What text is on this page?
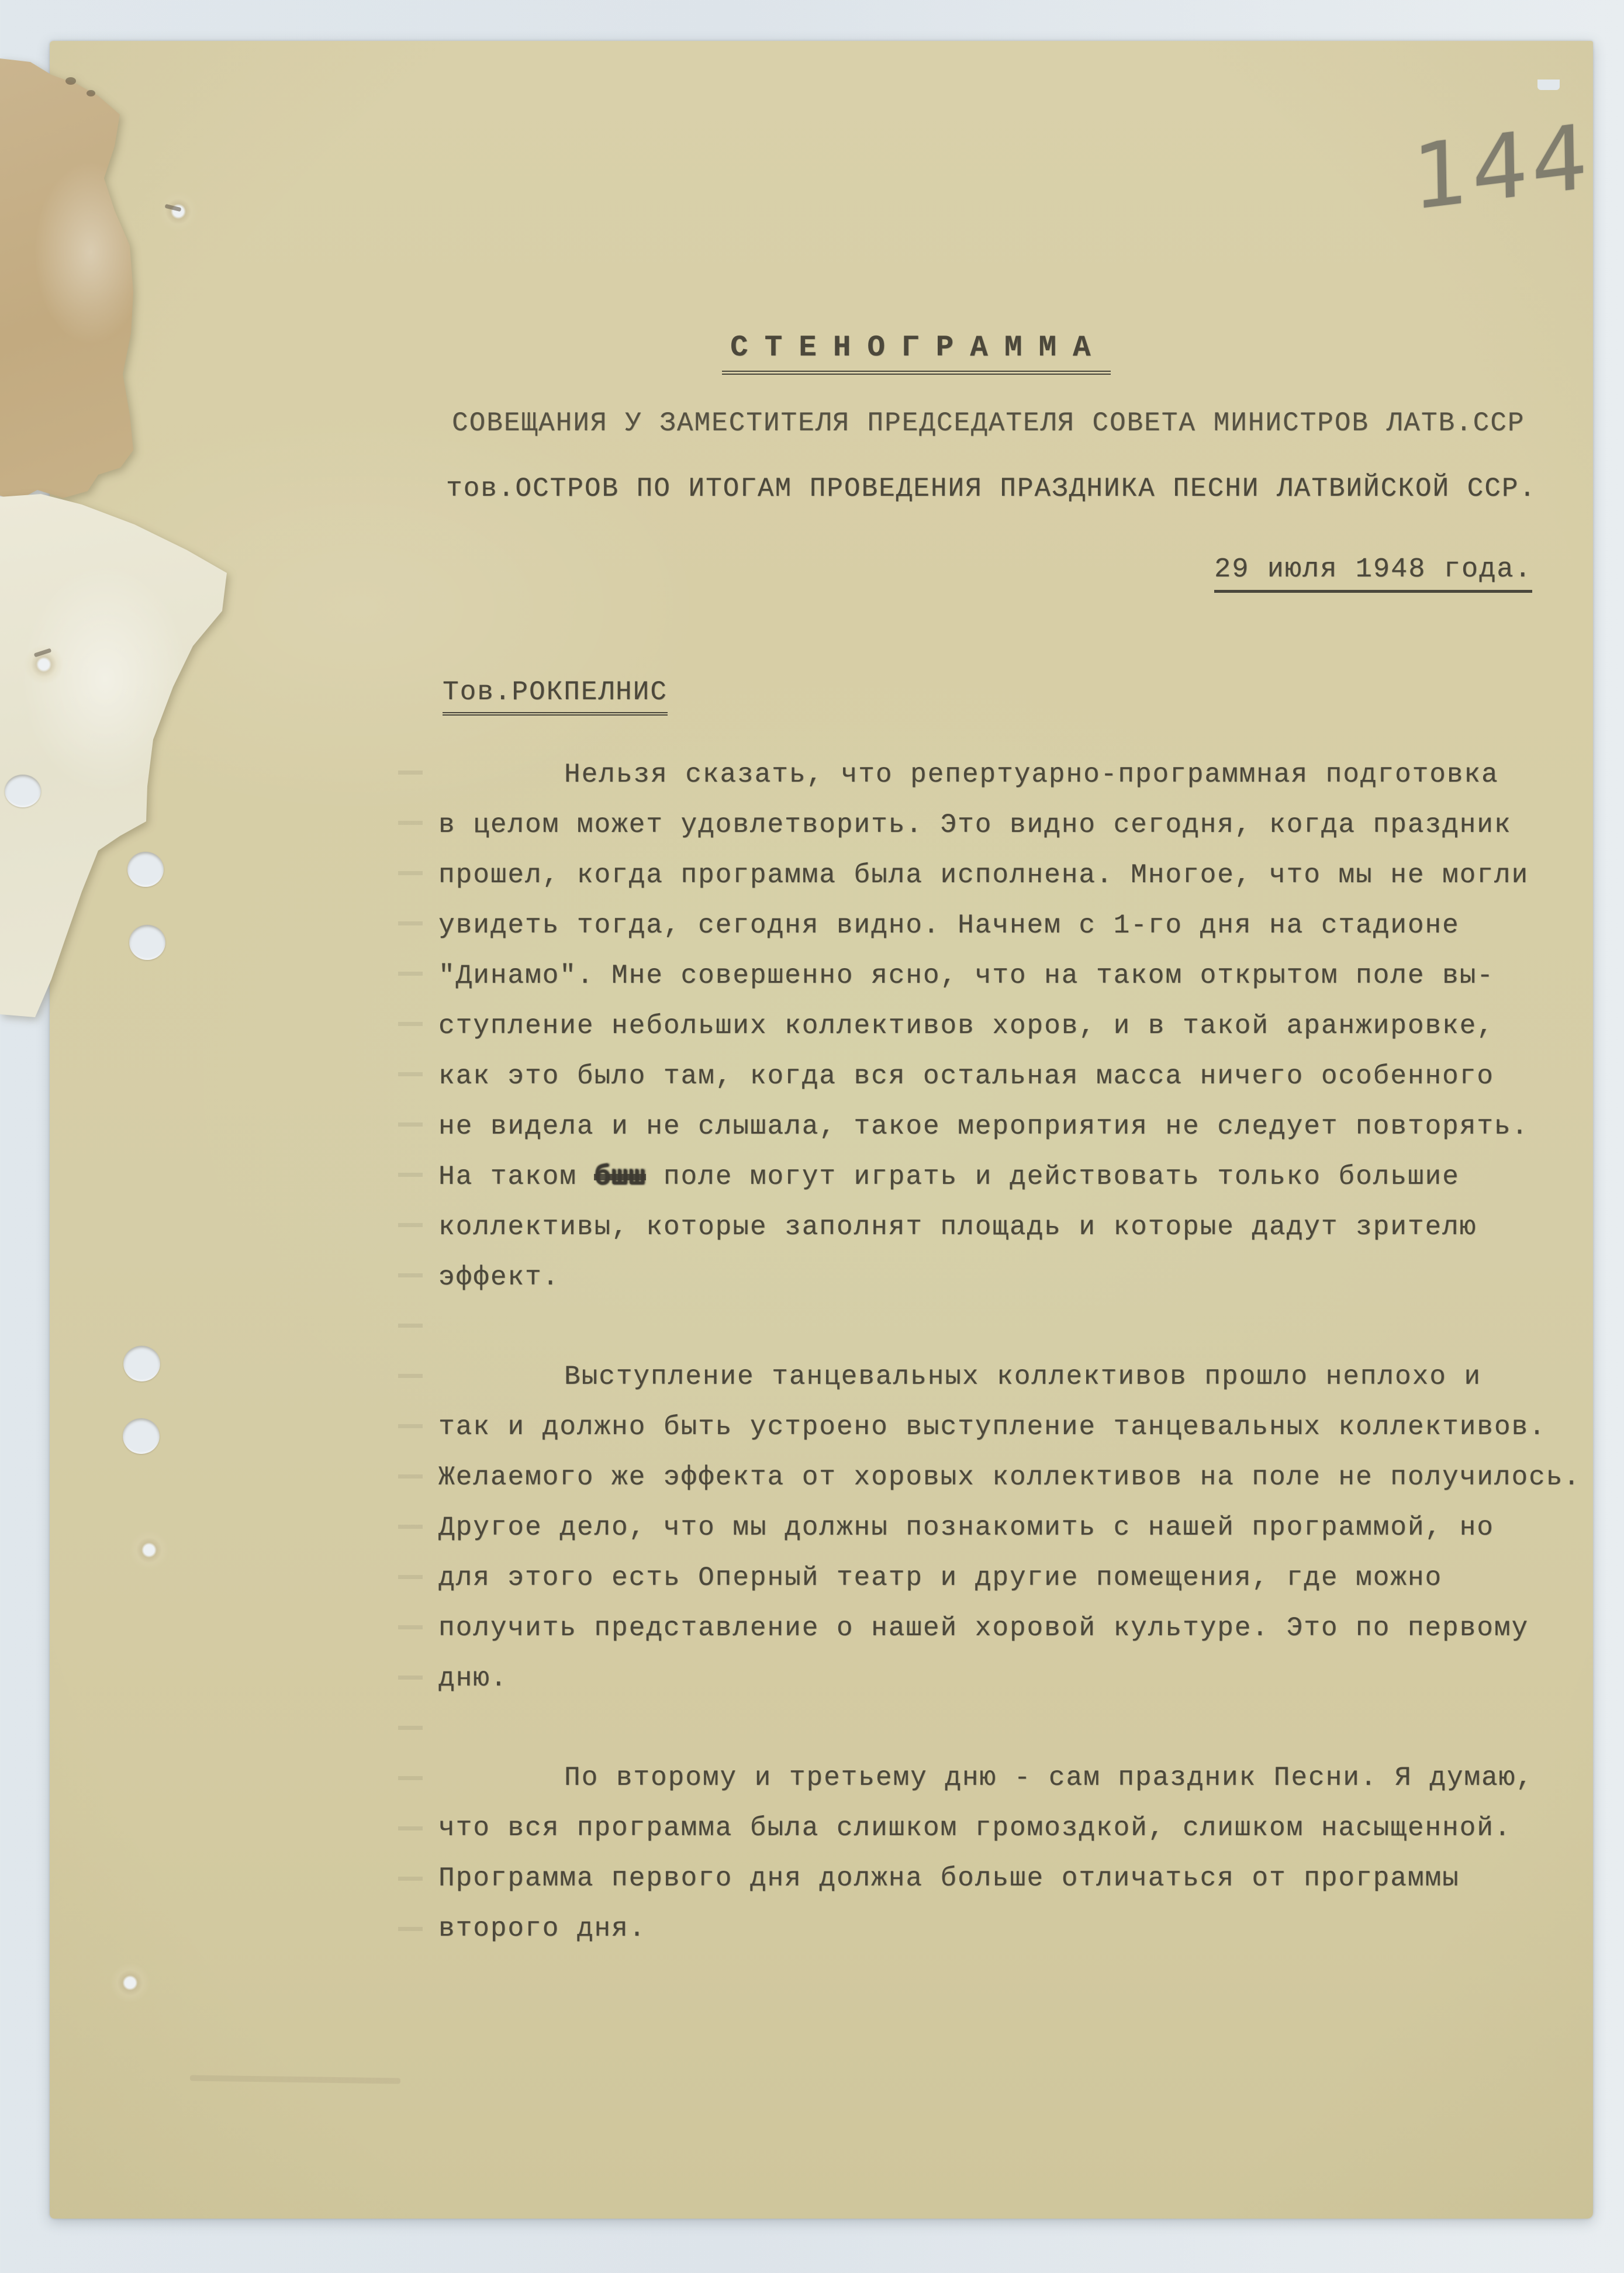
144
СТЕНОГРАММА
СОВЕЩАНИЯ У ЗАМЕСТИТЕЛЯ ПРЕДСЕДАТЕЛЯ СОВЕТА МИНИСТРОВ ЛАТВ.ССР
тов.ОСТРОВ ПО ИТОГАМ ПРОВЕДЕНИЯ ПРАЗДНИКА ПЕСНИ ЛАТВИЙСКОЙ ССР.
29 июля 1948 года.
Тов.РОКПЕЛНИС
Нельзя сказать, что репертуарно-программная подготовка
в целом может удовлетворить. Это видно сегодня, когда праздник
прошел, когда программа была исполнена. Многое, что мы не могли
увидеть тогда, сегодня видно. Начнем с 1-го дня на стадионе
"Динамо". Мне совершенно ясно, что на таком открытом поле вы-
ступление небольших коллективов хоров, и в такой аранжировке,
как это было там, когда вся остальная масса ничего особенного
не видела и не слышала, такое мероприятия не следует повторять.
На таком бшш поле могут играть и действовать только большие
коллективы, которые заполнят площадь и которые дадут зрителю
эффект.
Выступление танцевальных коллективов прошло неплохо и
так и должно быть устроено выступление танцевальных коллективов.
Желаемого же эффекта от хоровых коллективов на поле не получилось.
Другое дело, что мы должны познакомить с нашей программой, но
для этого есть Оперный театр и другие помещения, где можно
получить представление о нашей хоровой культуре. Это по первому
дню.
По второму и третьему дню - сам праздник Песни. Я думаю,
что вся программа была слишком громоздкой, слишком насыщенной.
Программа первого дня должна больше отличаться от программы
второго дня.
